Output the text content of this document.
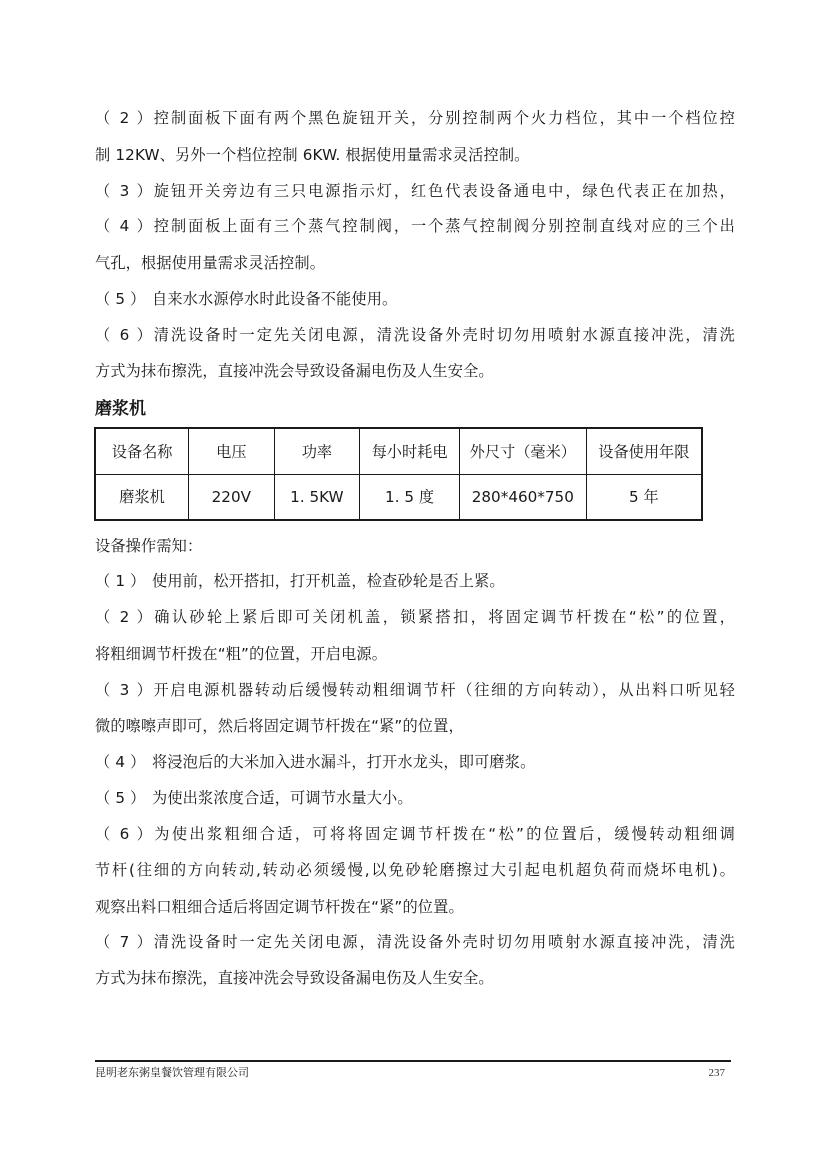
（ 2 ）控制面板下面有两个黑色旋钮开关，分别控制两个火力档位，其中一个档位控
制 12KW、另外一个档位控制 6KW. 根据使用量需求灵活控制。
（ 3 ）旋钮开关旁边有三只电源指示灯，红色代表设备通电中，绿色代表正在加热，
（ 4 ）控制面板上面有三个蒸气控制阀，一个蒸气控制阀分别控制直线对应的三个出
气孔，根据使用量需求灵活控制。
（ 5 ） 自来水水源停水时此设备不能使用。
（ 6 ）清洗设备时一定先关闭电源，清洗设备外壳时切勿用喷射水源直接冲洗，清洗
方式为抹布擦洗，直接冲洗会导致设备漏电伤及人生安全。
磨浆机
设备名称	电压	功率	每小时耗电	外尺寸（毫米）	设备使用年限
磨浆机	220V	1. 5KW	1. 5 度	280*460*750	5 年
设备操作需知：
（ 1 ） 使用前，松开搭扣，打开机盖，检查砂轮是否上紧。
（ 2 ）确认砂轮上紧后即可关闭机盖，锁紧搭扣，将固定调节杆拨在“松”的位置，
将粗细调节杆拨在“粗”的位置，开启电源。
（ 3 ）开启电源机器转动后缓慢转动粗细调节杆（往细的方向转动），从出料口听见轻
微的嚓嚓声即可，然后将固定调节杆拨在“紧”的位置，
（ 4 ） 将浸泡后的大米加入进水漏斗，打开水龙头，即可磨浆。
（ 5 ） 为使出浆浓度合适，可调节水量大小。
（ 6 ）为使出浆粗细合适，可将将固定调节杆拨在“松”的位置后，缓慢转动粗细调
节杆(往细的方向转动,转动必须缓慢,以免砂轮磨擦过大引起电机超负荷而烧坏电机)。
观察出料口粗细合适后将固定调节杆拨在“紧”的位置。
（ 7 ）清洗设备时一定先关闭电源，清洗设备外壳时切勿用喷射水源直接冲洗，清洗
方式为抹布擦洗，直接冲洗会导致设备漏电伤及人生安全。
昆明老东粥皇餐饮管理有限公司	237
